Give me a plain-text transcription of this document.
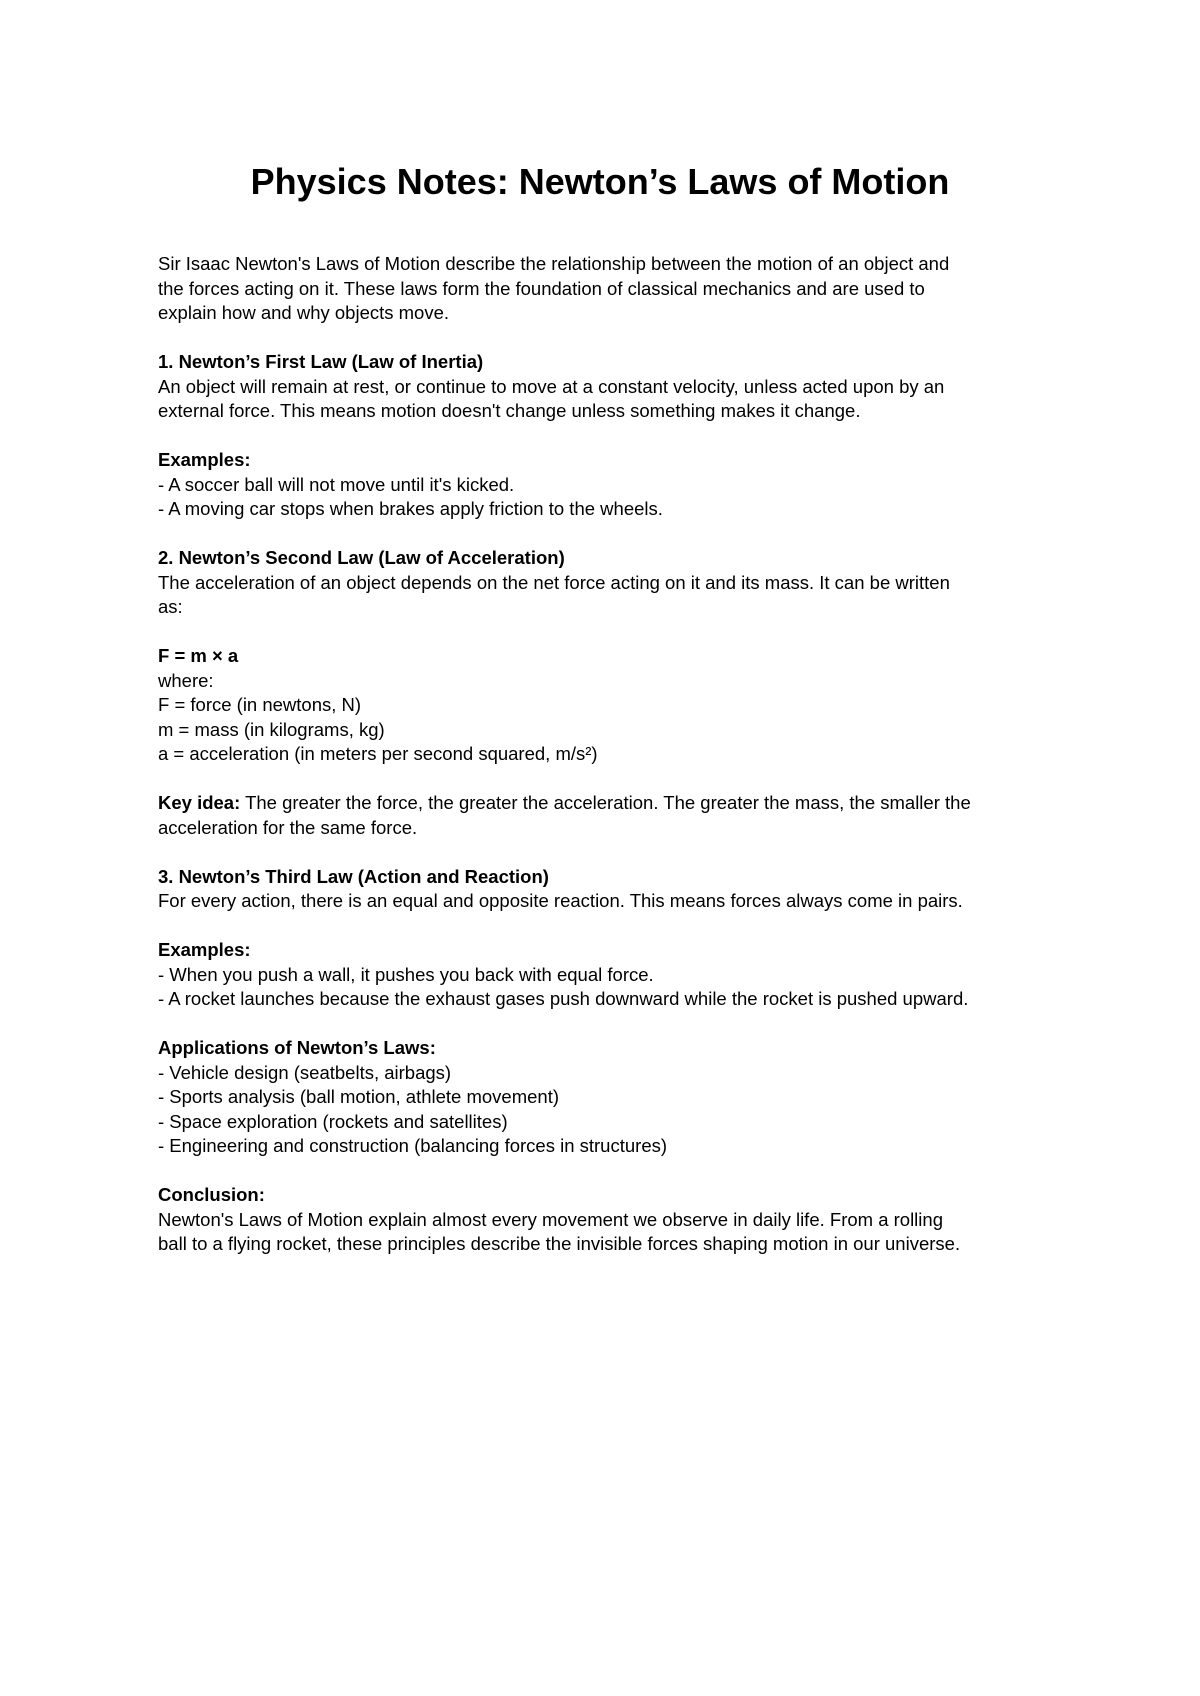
Physics Notes: Newton’s Laws of Motion

Sir Isaac Newton's Laws of Motion describe the relationship between the motion of an object and

the forces acting on it. These laws form the foundation of classical mechanics and are used to

explain how and why objects move.

1. Newton’s First Law (Law of Inertia)

An object will remain at rest, or continue to move at a constant velocity, unless acted upon by an

external force. This means motion doesn't change unless something makes it change.

Examples:

- A soccer ball will not move until it's kicked.

- A moving car stops when brakes apply friction to the wheels.

2. Newton’s Second Law (Law of Acceleration)

The acceleration of an object depends on the net force acting on it and its mass. It can be written

as:

F = m × a

where:

F = force (in newtons, N)

m = mass (in kilograms, kg)

a = acceleration (in meters per second squared, m/s²)

Key idea: The greater the force, the greater the acceleration. The greater the mass, the smaller the

acceleration for the same force.

3. Newton’s Third Law (Action and Reaction)

For every action, there is an equal and opposite reaction. This means forces always come in pairs.

Examples:

- When you push a wall, it pushes you back with equal force.

- A rocket launches because the exhaust gases push downward while the rocket is pushed upward.

Applications of Newton’s Laws:

- Vehicle design (seatbelts, airbags)

- Sports analysis (ball motion, athlete movement)

- Space exploration (rockets and satellites)

- Engineering and construction (balancing forces in structures)

Conclusion:

Newton's Laws of Motion explain almost every movement we observe in daily life. From a rolling

ball to a flying rocket, these principles describe the invisible forces shaping motion in our universe.
